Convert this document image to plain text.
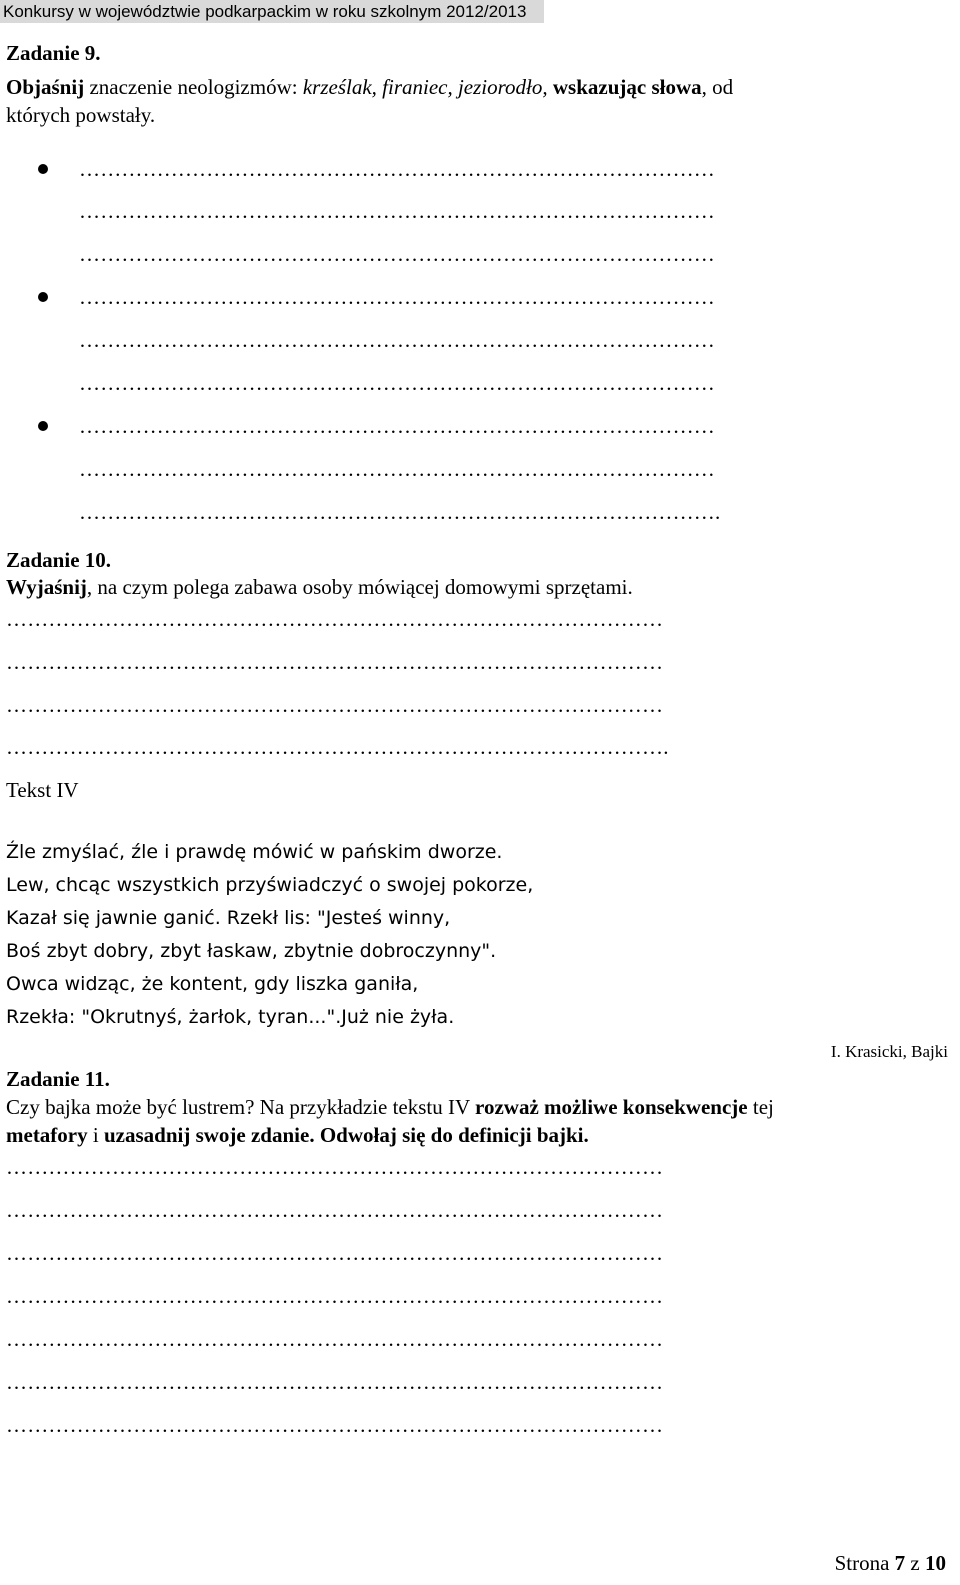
Konkursy w województwie podkarpackim w roku szkolnym 2012/2013
Zadanie 9.
Objaśnij znaczenie neologizmów: krześlak, firaniec, jeziorodło, wskazując słowa, od
których powstały.
………………………………………………………………………………
………………………………………………………………………………
………………………………………………………………………………
………………………………………………………………………………
………………………………………………………………………………
………………………………………………………………………………
………………………………………………………………………………
………………………………………………………………………………
……………………………………………………………………………….
Zadanie 10.
Wyjaśnij, na czym polega zabawa osoby mówiącej domowymi sprzętami.
…………………………………………………………………………………
…………………………………………………………………………………
…………………………………………………………………………………
………………………………………………………………………………….
Tekst IV
Źle zmyślać, źle i prawdę mówić w pańskim dworze.
Lew, chcąc wszystkich przyświadczyć o swojej pokorze,
Kazał się jawnie ganić. Rzekł lis: "Jesteś winny,
Boś zbyt dobry, zbyt łaskaw, zbytnie dobroczynny".
Owca widząc, że kontent, gdy liszka ganiła,
Rzekła: "Okrutnyś, żarłok, tyran...".Już nie żyła.
I. Krasicki, Bajki
Zadanie 11.
Czy bajka może być lustrem? Na przykładzie tekstu IV rozważ możliwe konsekwencje tej
metafory i uzasadnij swoje zdanie. Odwołaj się do definicji bajki.
…………………………………………………………………………………
…………………………………………………………………………………
…………………………………………………………………………………
…………………………………………………………………………………
…………………………………………………………………………………
…………………………………………………………………………………
…………………………………………………………………………………
Strona 7 z 10
